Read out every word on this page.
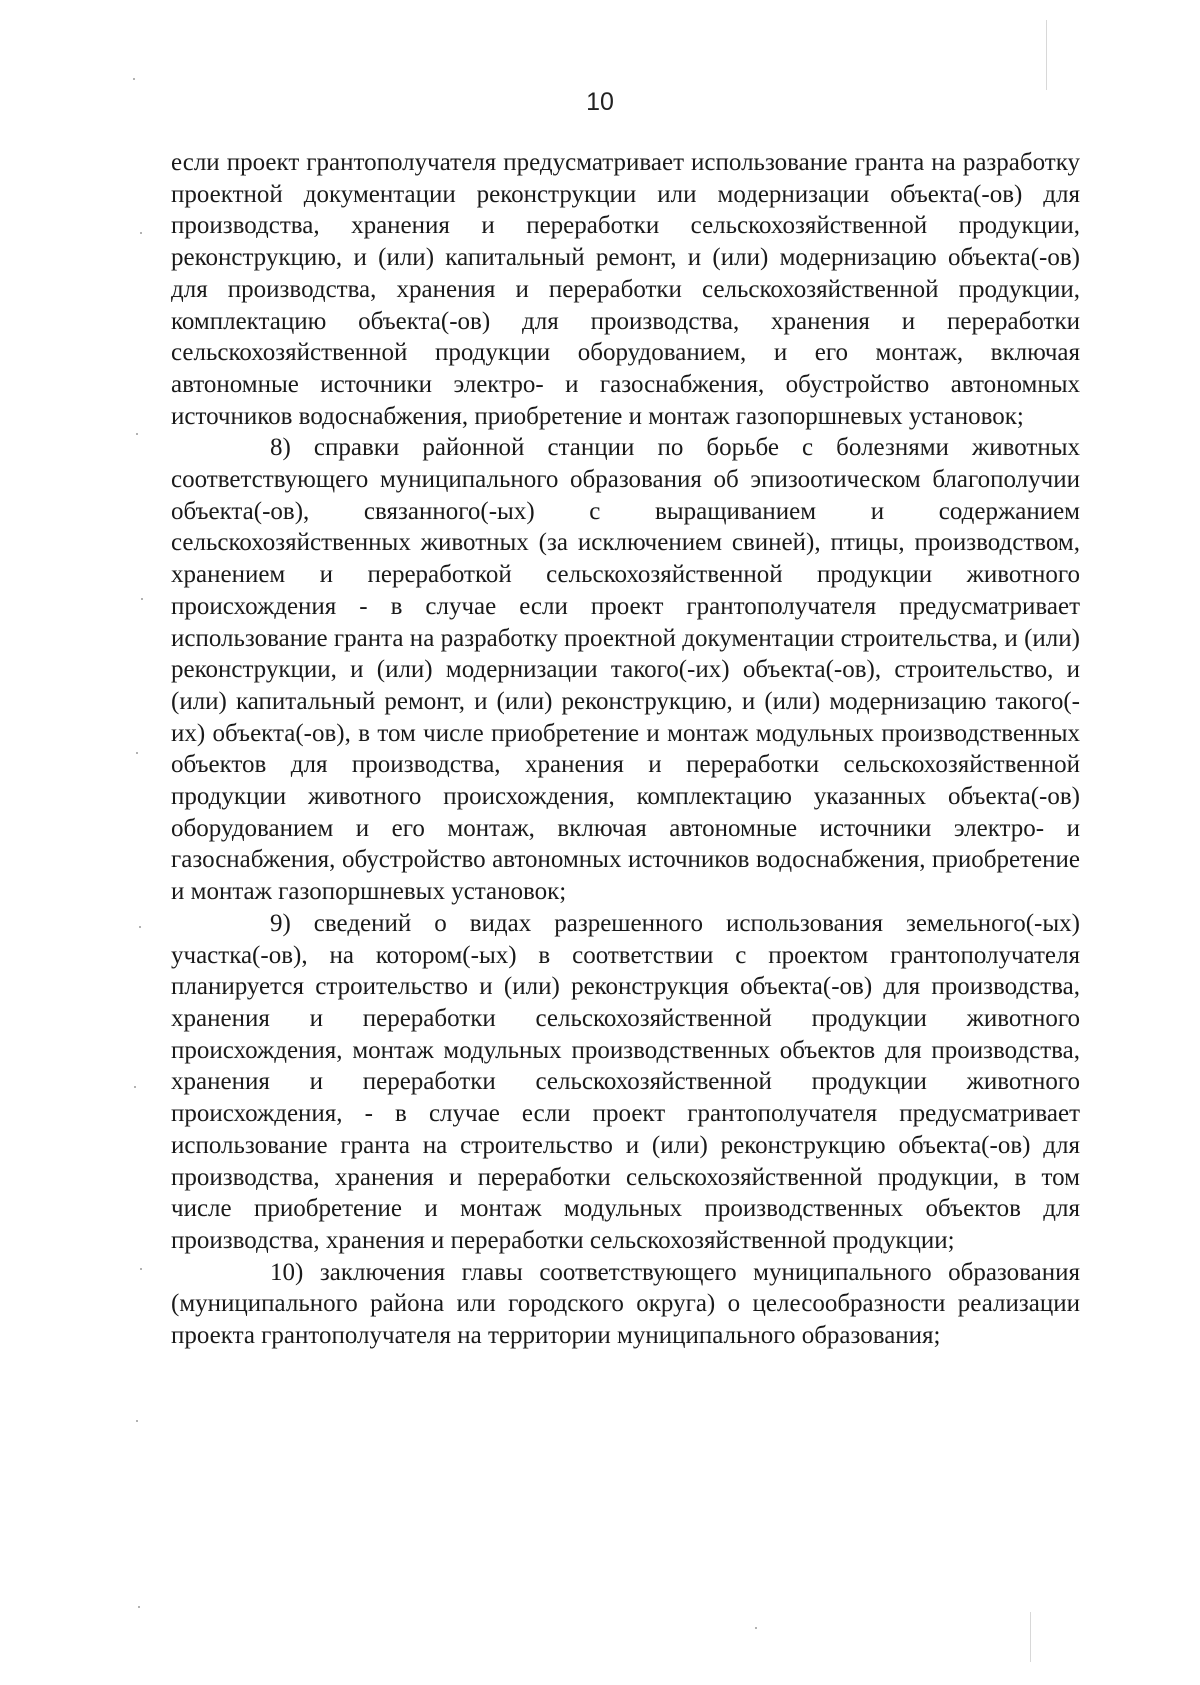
10

если проект грантополучателя предусматривает использование гранта на разработку проектной документации реконструкции или модернизации объекта(-ов) для производства, хранения и переработки сельскохозяйственной продукции, реконструкцию, и (или) капитальный ремонт, и (или) модернизацию объекта(-ов) для производства, хранения и переработки сельскохозяйственной продукции, комплектацию объекта(-ов) для производства, хранения и переработки сельскохозяйственной продукции оборудованием, и его монтаж, включая автономные источники электро- и газоснабжения, обустройство автономных источников водоснабжения, приобретение и монтаж газопоршневых установок;

8) справки районной станции по борьбе с болезнями животных соответствующего муниципального образования об эпизоотическом благополучии объекта(-ов), связанного(-ых) с выращиванием и содержанием сельскохозяйственных животных (за исключением свиней), птицы, производством, хранением и переработкой сельскохозяйственной продукции животного происхождения - в случае если проект грантополучателя предусматривает использование гранта на разработку проектной документации строительства, и (или) реконструкции, и (или) модернизации такого(-их) объекта(-ов), строительство, и (или) капитальный ремонт, и (или) реконструкцию, и (или) модернизацию такого(-их) объекта(-ов), в том числе приобретение и монтаж модульных производственных объектов для производства, хранения и переработки сельскохозяйственной продукции животного происхождения, комплектацию указанных объекта(-ов) оборудованием и его монтаж, включая автономные источники электро- и газоснабжения, обустройство автономных источников водоснабжения, приобретение и монтаж газопоршневых установок;

9) сведений о видах разрешенного использования земельного(-ых) участка(-ов), на котором(-ых) в соответствии с проектом грантополучателя планируется строительство и (или) реконструкция объекта(-ов) для производства, хранения и переработки сельскохозяйственной продукции животного происхождения, монтаж модульных производственных объектов для производства, хранения и переработки сельскохозяйственной продукции животного происхождения, - в случае если проект грантополучателя предусматривает использование гранта на строительство и (или) реконструкцию объекта(-ов) для производства, хранения и переработки сельскохозяйственной продукции, в том числе приобретение и монтаж модульных производственных объектов для производства, хранения и переработки сельскохозяйственной продукции;

10) заключения главы соответствующего муниципального образования (муниципального района или городского округа) о целесообразности реализации проекта грантополучателя на территории муниципального образования;
